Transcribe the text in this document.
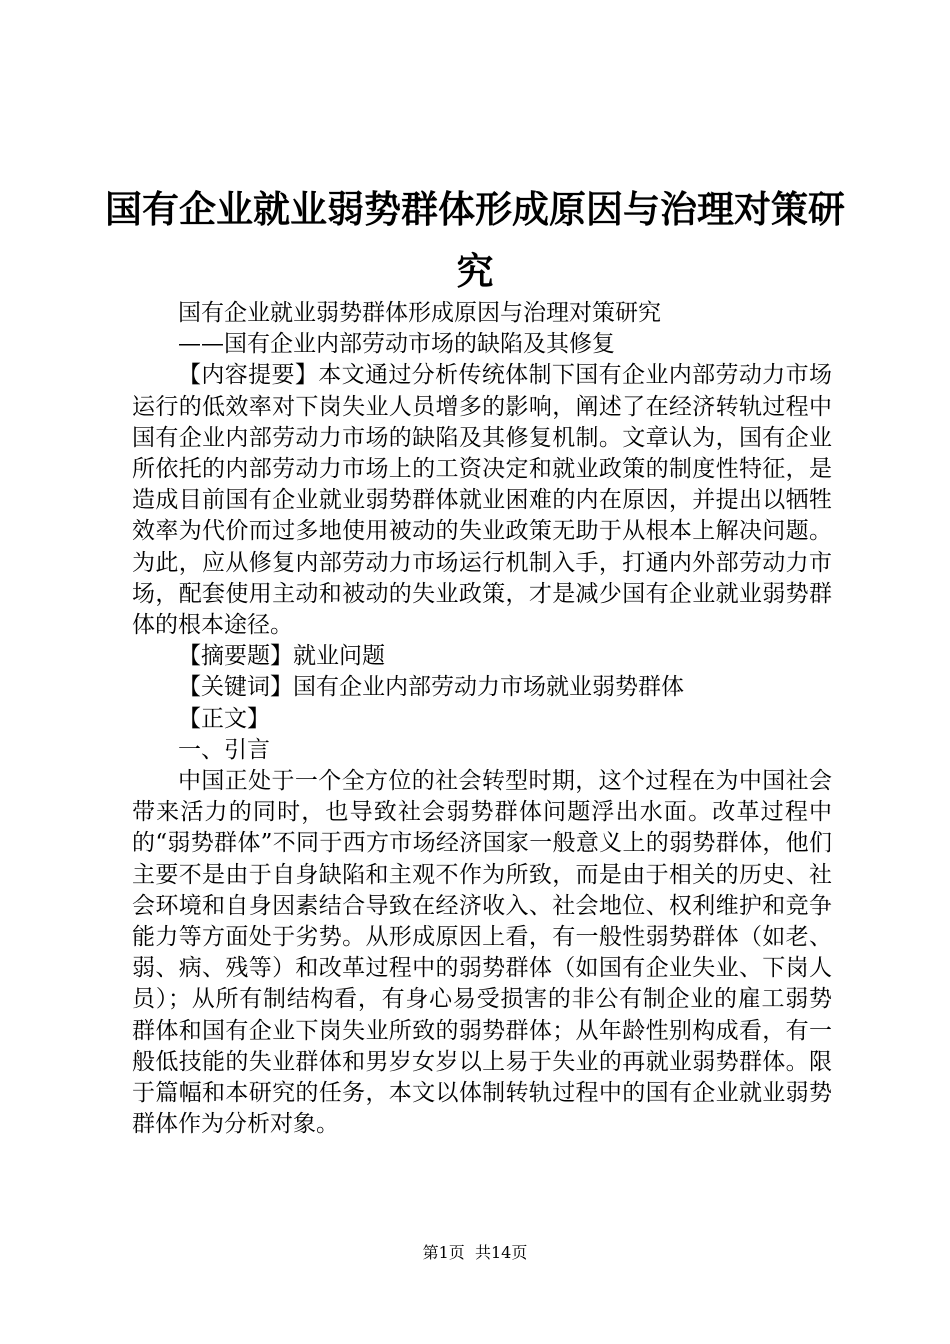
国有企业就业弱势群体形成原因与治理对策研究

国有企业就业弱势群体形成原因与治理对策研究

——国有企业内部劳动市场的缺陷及其修复

【内容提要】本文通过分析传统体制下国有企业内部劳动力市场运行的低效率对下岗失业人员增多的影响，阐述了在经济转轨过程中国有企业内部劳动力市场的缺陷及其修复机制。文章认为，国有企业所依托的内部劳动力市场上的工资决定和就业政策的制度性特征，是造成目前国有企业就业弱势群体就业困难的内在原因，并提出以牺牲效率为代价而过多地使用被动的失业政策无助于从根本上解决问题。为此，应从修复内部劳动力市场运行机制入手，打通内外部劳动力市场，配套使用主动和被动的失业政策，才是减少国有企业就业弱势群体的根本途径。

【摘要题】就业问题

【关键词】国有企业内部劳动力市场就业弱势群体

【正文】

一、引言

中国正处于一个全方位的社会转型时期，这个过程在为中国社会带来活力的同时，也导致社会弱势群体问题浮出水面。改革过程中的“弱势群体”不同于西方市场经济国家一般意义上的弱势群体，他们主要不是由于自身缺陷和主观不作为所致，而是由于相关的历史、社会环境和自身因素结合导致在经济收入、社会地位、权利维护和竞争能力等方面处于劣势。从形成原因上看，有一般性弱势群体（如老、弱、病、残等）和改革过程中的弱势群体（如国有企业失业、下岗人员）；从所有制结构看，有身心易受损害的非公有制企业的雇工弱势群体和国有企业下岗失业所致的弱势群体；从年龄性别构成看，有一般低技能的失业群体和男岁女岁以上易于失业的再就业弱势群体。限于篇幅和本研究的任务，本文以体制转轨过程中的国有企业就业弱势群体作为分析对象。

第1页 共14页
